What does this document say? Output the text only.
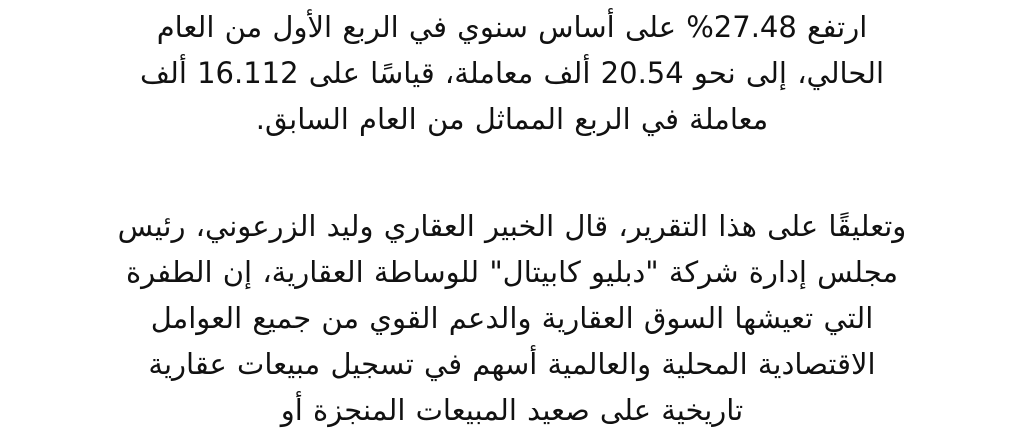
ارتفع 27.48% على أساس سنوي في الربع الأول من العام الحالي، إلى نحو 20.54 ألف معاملة، قياسًا على 16.112 ألف معاملة في الربع المماثل من العام السابق.

وتعليقًا على هذا التقرير، قال الخبير العقاري وليد الزرعوني، رئيس مجلس إدارة شركة "دبليو كابيتال" للوساطة العقارية، إن الطفرة التي تعيشها السوق العقارية والدعم القوي من جميع العوامل الاقتصادية المحلية والعالمية أسهم في تسجيل مبيعات عقارية تاريخية على صعيد المبيعات المنجزة أو
